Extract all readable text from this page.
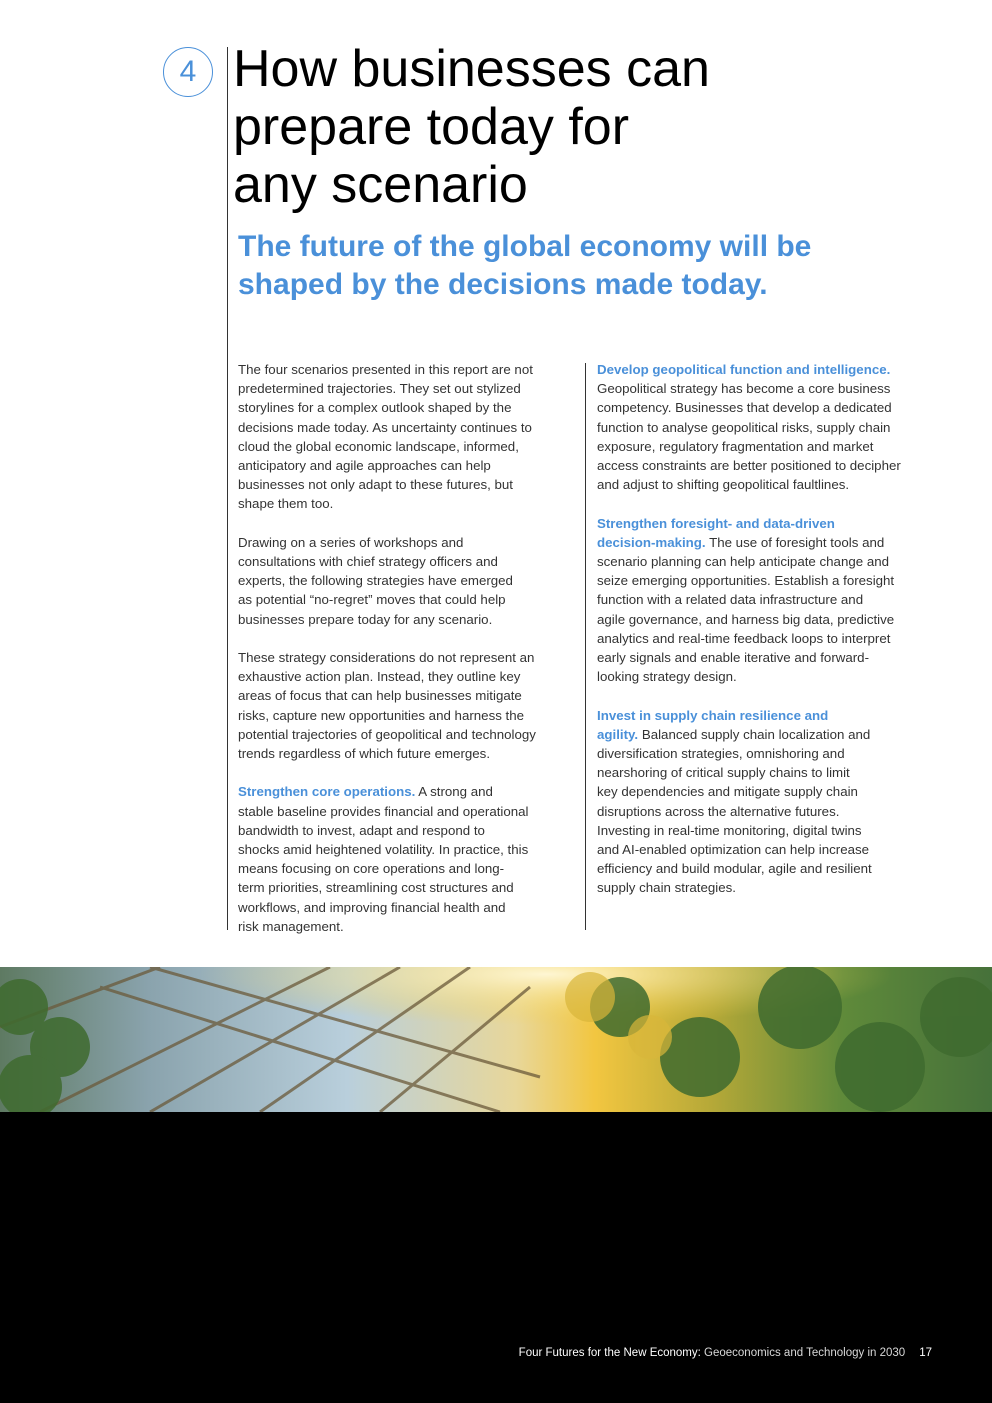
4 How businesses can
prepare today for
any scenario
The future of the global economy will be
shaped by the decisions made today.

The four scenarios presented in this report are not
predetermined trajectories. They set out stylized
storylines for a complex outlook shaped by the
decisions made today. As uncertainty continues to
cloud the global economic landscape, informed,
anticipatory and agile approaches can help
businesses not only adapt to these futures, but
shape them too.

Drawing on a series of workshops and
consultations with chief strategy officers and
experts, the following strategies have emerged
as potential “no-regret” moves that could help
businesses prepare today for any scenario.

These strategy considerations do not represent an
exhaustive action plan. Instead, they outline key
areas of focus that can help businesses mitigate
risks, capture new opportunities and harness the
potential trajectories of geopolitical and technology
trends regardless of which future emerges.

Strengthen core operations. A strong and
stable baseline provides financial and operational
bandwidth to invest, adapt and respond to
shocks amid heightened volatility. In practice, this
means focusing on core operations and long-
term priorities, streamlining cost structures and
workflows, and improving financial health and
risk management.

Develop geopolitical function and intelligence.
Geopolitical strategy has become a core business
competency. Businesses that develop a dedicated
function to analyse geopolitical risks, supply chain
exposure, regulatory fragmentation and market
access constraints are better positioned to decipher
and adjust to shifting geopolitical faultlines.

Strengthen foresight- and data-driven
decision-making. The use of foresight tools and
scenario planning can help anticipate change and
seize emerging opportunities. Establish a foresight
function with a related data infrastructure and
agile governance, and harness big data, predictive
analytics and real-time feedback loops to interpret
early signals and enable iterative and forward-
looking strategy design.

Invest in supply chain resilience and
agility. Balanced supply chain localization and
diversification strategies, omnishoring and
nearshoring of critical supply chains to limit
key dependencies and mitigate supply chain
disruptions across the alternative futures.
Investing in real-time monitoring, digital twins
and AI-enabled optimization can help increase
efficiency and build modular, agile and resilient
supply chain strategies.

Four Futures for the New Economy: Geoeconomics and Technology in 2030 17
